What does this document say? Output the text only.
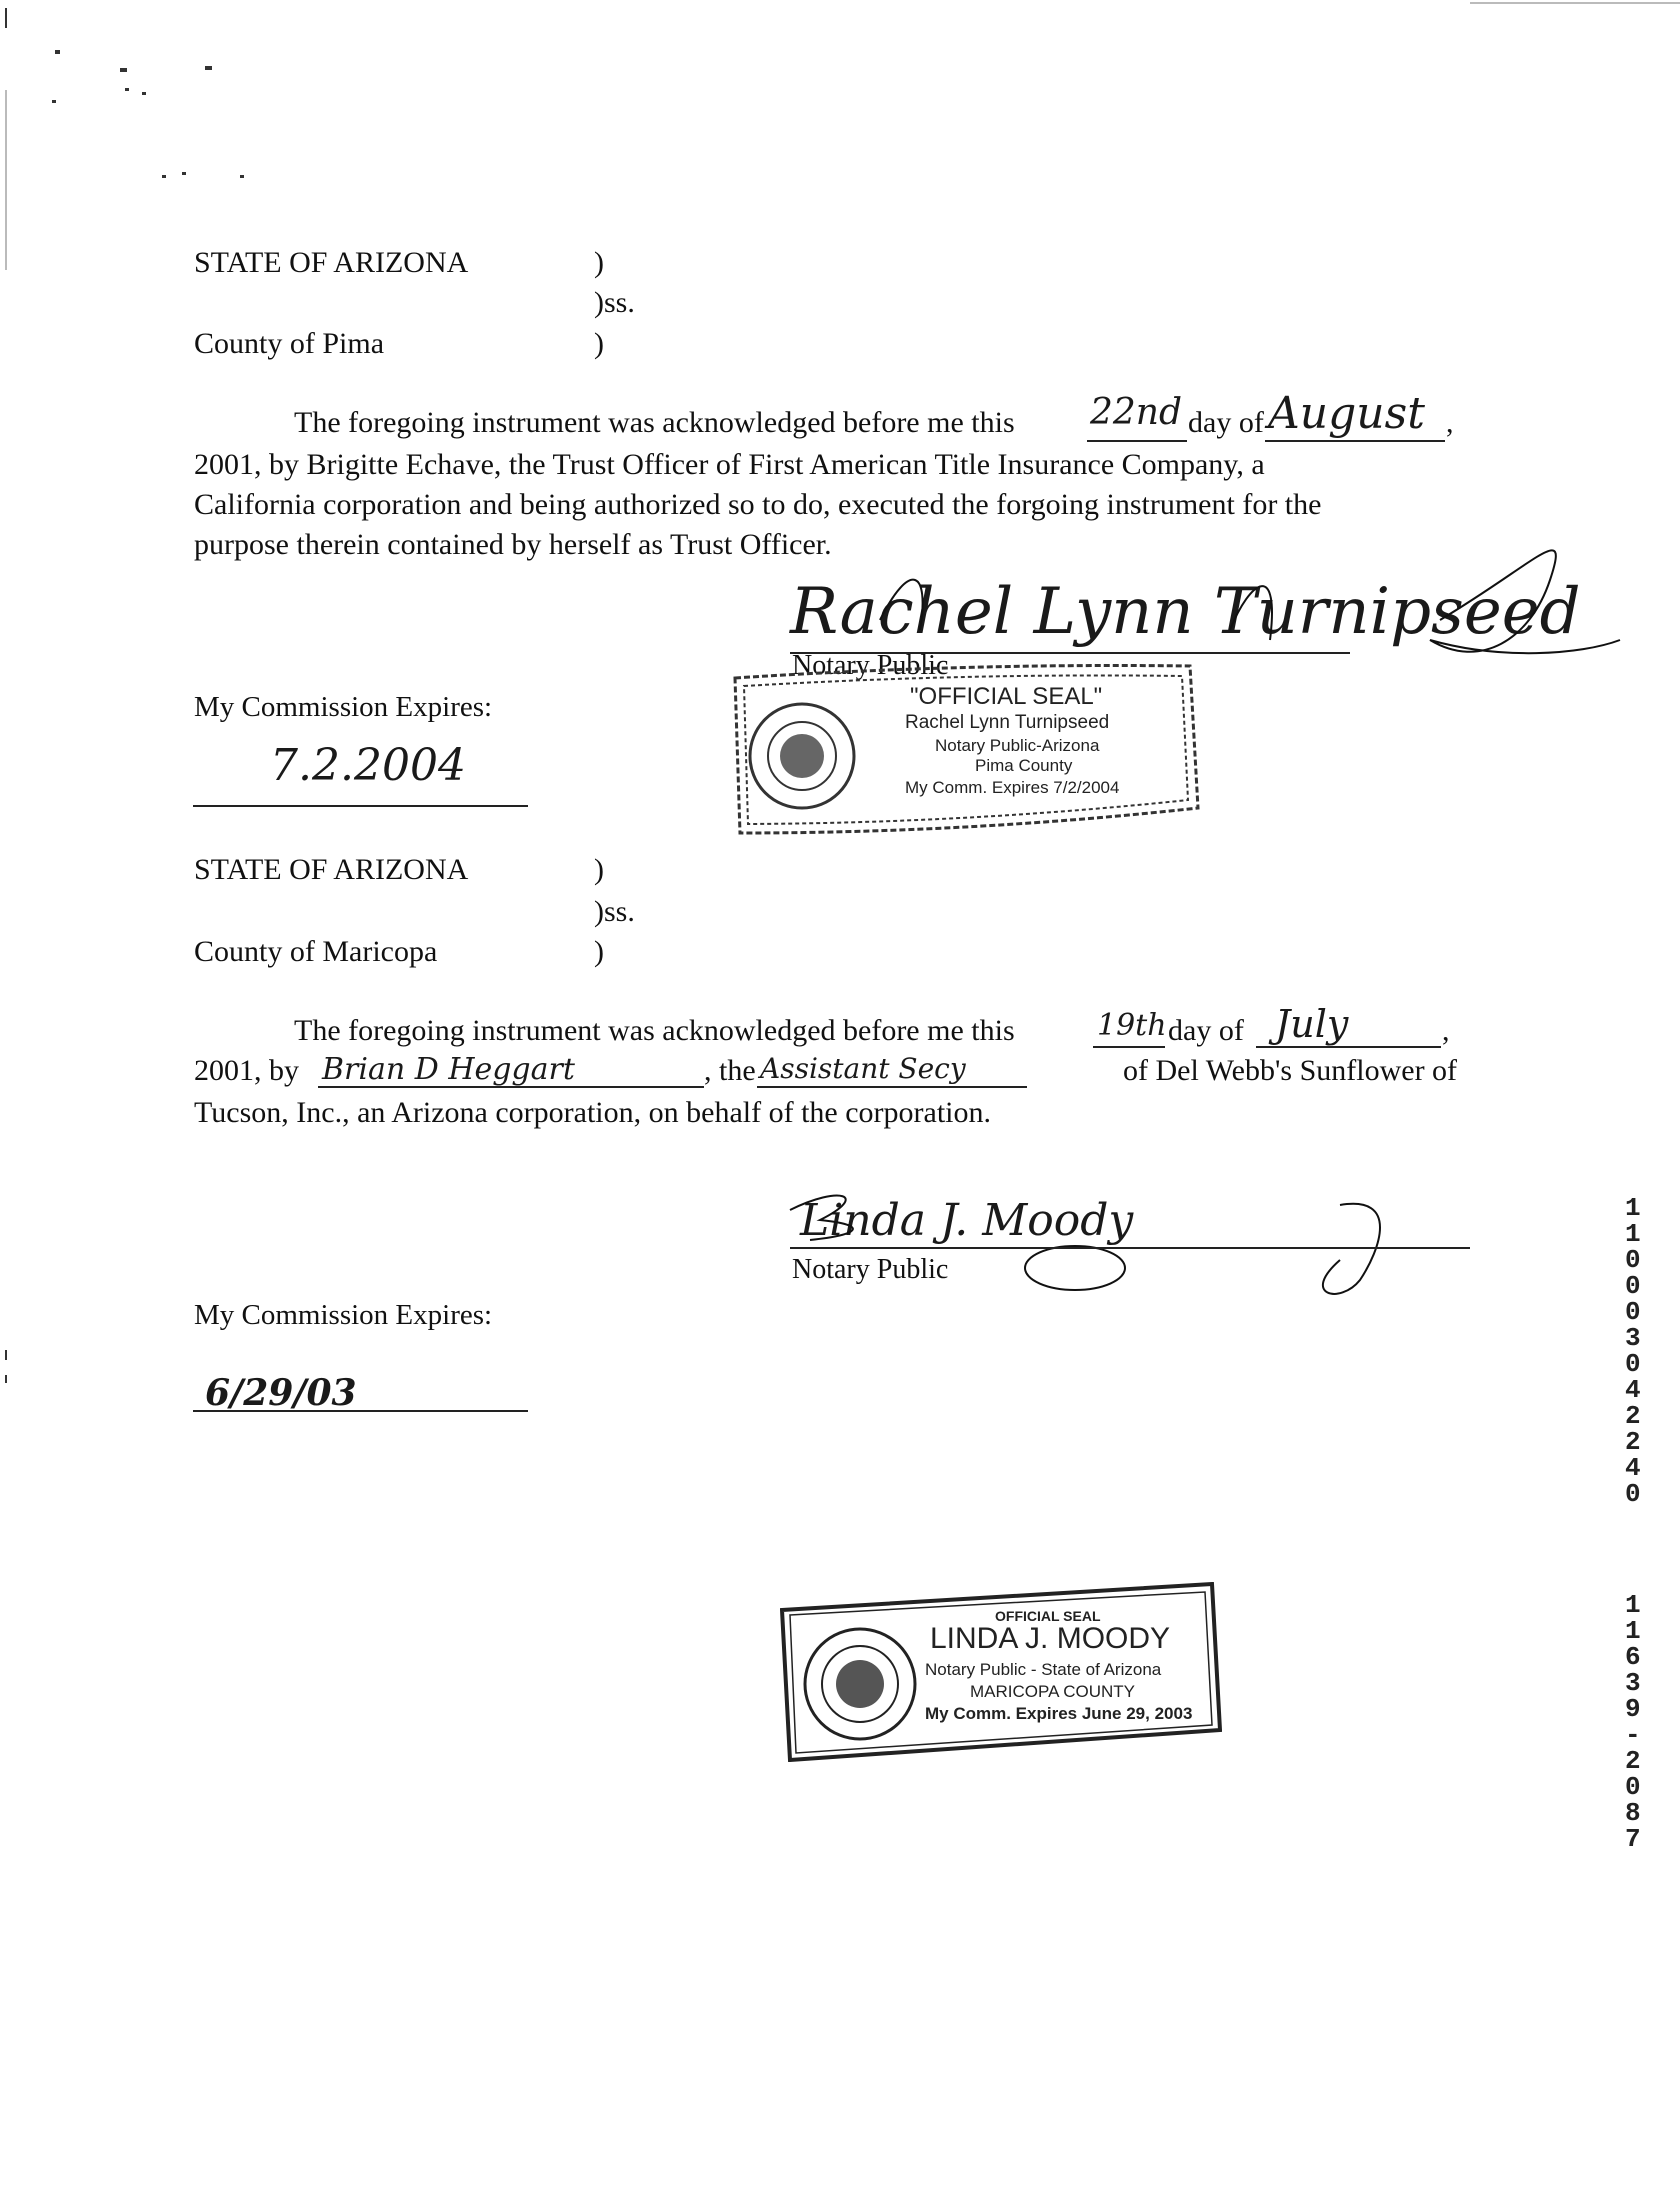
STATE OF ARIZONA	)
)ss.
County of Pima	)
The foregoing instrument was acknowledged before me this 22nd day of August ,
2001, by Brigitte Echave, the Trust Officer of First American Title Insurance Company, a
California corporation and being authorized so to do, executed the forgoing instrument for the
purpose therein contained by herself as Trust Officer.
Rachel Lynn Turnipseed
Notary Public
My Commission Expires:
7.2.2004
"OFFICIAL SEAL"
Rachel Lynn Turnipseed
Notary Public-Arizona
Pima County
My Comm. Expires 7/2/2004
STATE OF ARIZONA	)
)ss.
County of Maricopa	)
The foregoing instrument was acknowledged before me this	19th day of July	,
2001, by Brian D Heggart	, the Assistant Secy	of Del Webb's Sunflower of
Tucson, Inc., an Arizona corporation, on behalf of the corporation.
Linda J. Moody
Notary Public
My Commission Expires:
6/29/03
OFFICIAL SEAL
LINDA J. MOODY
Notary Public - State of Arizona
MARICOPA COUNTY
My Comm. Expires June 29, 2003
1
1
0
0
0
3
0
4
2
2
4
0
1
1
6
3
9
-
2
0
8
7
